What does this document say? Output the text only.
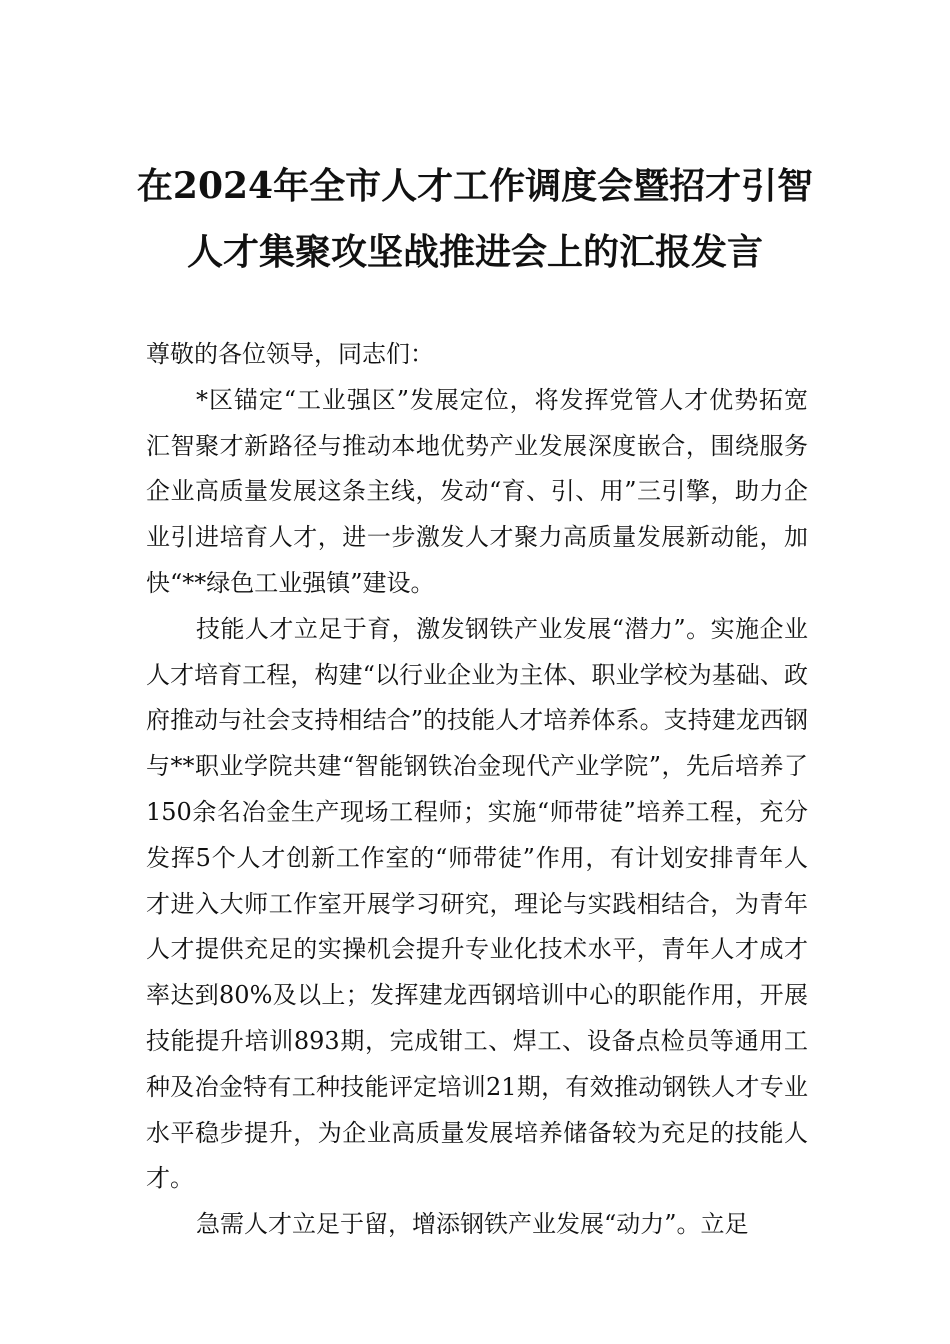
在2024年全市人才工作调度会暨招才引智
人才集聚攻坚战推进会上的汇报发言

尊敬的各位领导，同志们：

*区锚定“工业强区”发展定位，将发挥党管人才优势拓宽汇智聚才新路径与推动本地优势产业发展深度嵌合，围绕服务企业高质量发展这条主线，发动“育、引、用”三引擎，助力企业引进培育人才，进一步激发人才聚力高质量发展新动能，加快“**绿色工业强镇”建设。

技能人才立足于育，激发钢铁产业发展“潜力”。实施企业人才培育工程，构建“以行业企业为主体、职业学校为基础、政府推动与社会支持相结合”的技能人才培养体系。支持建龙西钢与**职业学院共建“智能钢铁冶金现代产业学院”，先后培养了150余名冶金生产现场工程师；实施“师带徒”培养工程，充分发挥5个人才创新工作室的“师带徒”作用，有计划安排青年人才进入大师工作室开展学习研究，理论与实践相结合，为青年人才提供充足的实操机会提升专业化技术水平，青年人才成才率达到80%及以上；发挥建龙西钢培训中心的职能作用，开展技能提升培训893期，完成钳工、焊工、设备点检员等通用工种及冶金特有工种技能评定培训21期，有效推动钢铁人才专业水平稳步提升，为企业高质量发展培养储备较为充足的技能人才。

急需人才立足于留，增添钢铁产业发展“动力”。立足
